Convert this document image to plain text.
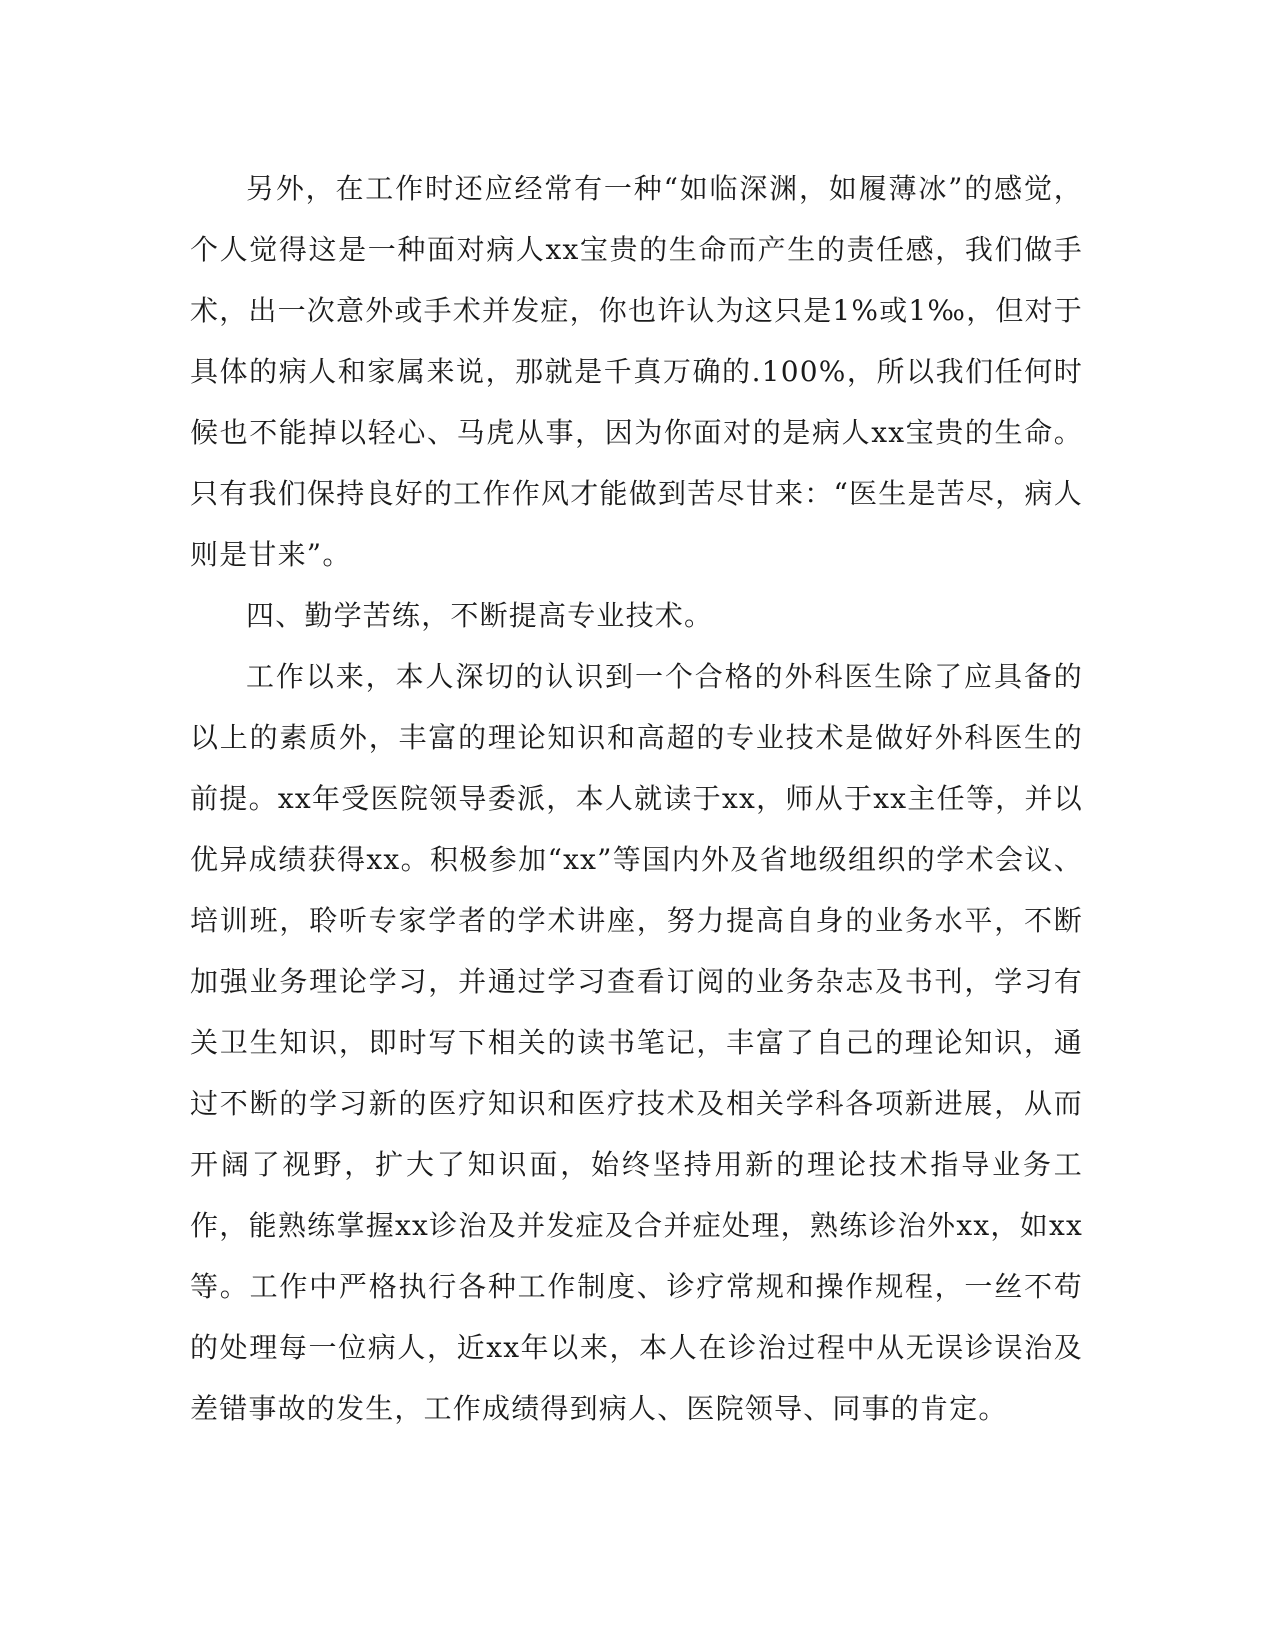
另外，在工作时还应经常有一种“如临深渊，如履薄冰”的感觉，个人觉得这是一种面对病人xx宝贵的生命而产生的责任感，我们做手术，出一次意外或手术并发症，你也许认为这只是1%或1‰，但对于具体的病人和家属来说，那就是千真万确的.100%，所以我们任何时候也不能掉以轻心、马虎从事，因为你面对的是病人xx宝贵的生命。只有我们保持良好的工作作风才能做到苦尽甘来：“医生是苦尽，病人则是甘来”。

四、勤学苦练，不断提高专业技术。

工作以来，本人深切的认识到一个合格的外科医生除了应具备的以上的素质外，丰富的理论知识和高超的专业技术是做好外科医生的前提。xx年受医院领导委派，本人就读于xx，师从于xx主任等，并以优异成绩获得xx。积极参加“xx”等国内外及省地级组织的学术会议、培训班，聆听专家学者的学术讲座，努力提高自身的业务水平，不断加强业务理论学习，并通过学习查看订阅的业务杂志及书刊，学习有关卫生知识，即时写下相关的读书笔记，丰富了自己的理论知识，通过不断的学习新的医疗知识和医疗技术及相关学科各项新进展，从而开阔了视野，扩大了知识面，始终坚持用新的理论技术指导业务工作，能熟练掌握xx诊治及并发症及合并症处理，熟练诊治外xx，如xx等。工作中严格执行各种工作制度、诊疗常规和操作规程，一丝不苟的处理每一位病人，近xx年以来，本人在诊治过程中从无误诊误治及差错事故的发生，工作成绩得到病人、医院领导、同事的肯定。
